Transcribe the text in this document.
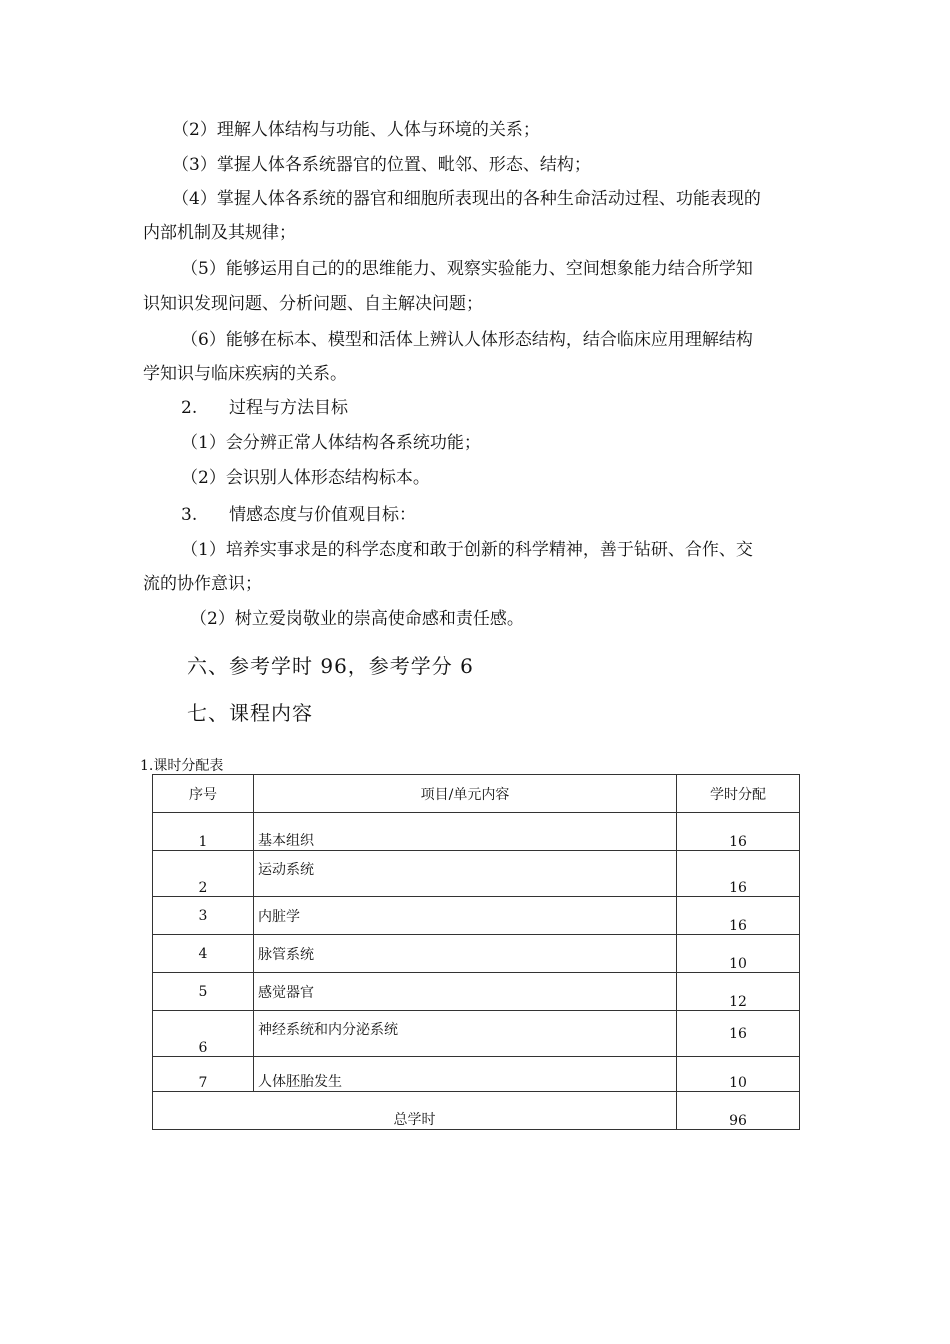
（2）理解人体结构与功能、人体与环境的关系；
（3）掌握人体各系统器官的位置、毗邻、形态、结构；
（4）掌握人体各系统的器官和细胞所表现出的各种生命活动过程、功能表现的
内部机制及其规律；
（5）能够运用自己的的思维能力、观察实验能力、空间想象能力结合所学知
识知识发现问题、分析问题、自主解决问题；
（6）能够在标本、模型和活体上辨认人体形态结构，结合临床应用理解结构
学知识与临床疾病的关系。
2. 过程与方法目标
（1）会分辨正常人体结构各系统功能；
（2）会识别人体形态结构标本。
3. 情感态度与价值观目标：
（1）培养实事求是的科学态度和敢于创新的科学精神，善于钻研、合作、交
流的协作意识；
（2）树立爱岗敬业的崇高使命感和责任感。
六、参考学时 96，参考学分 6
七、课程内容
1.课时分配表
序号	项目/单元内容	学时分配
1	基本组织	16
2	运动系统	16
3	内脏学	16
4	脉管系统	10
5	感觉器官	12
6	神经系统和内分泌系统	16
7	人体胚胎发生	10
总学时		96
